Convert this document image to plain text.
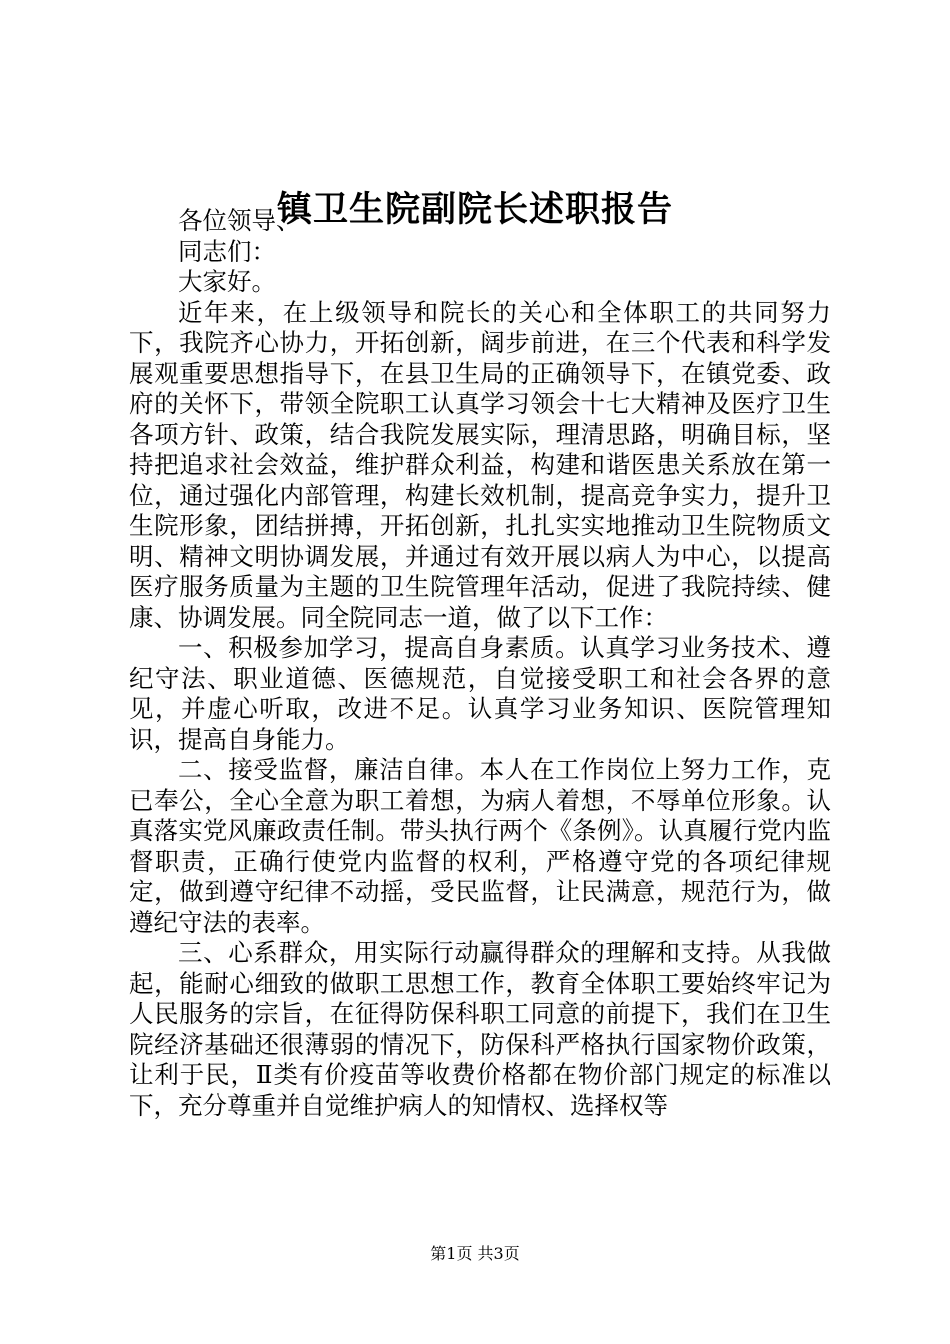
镇卫生院副院长述职报告

各位领导、

同志们：

大家好。

近年来，在上级领导和院长的关心和全体职工的共同努力下，我院齐心协力，开拓创新，阔步前进，在三个代表和科学发展观重要思想指导下，在县卫生局的正确领导下，在镇党委、政府的关怀下，带领全院职工认真学习领会十七大精神及医疗卫生各项方针、政策，结合我院发展实际，理清思路，明确目标，坚持把追求社会效益，维护群众利益，构建和谐医患关系放在第一位，通过强化内部管理，构建长效机制，提高竞争实力，提升卫生院形象，团结拼搏，开拓创新，扎扎实实地推动卫生院物质文明、精神文明协调发展，并通过有效开展以病人为中心，以提高医疗服务质量为主题的卫生院管理年活动，促进了我院持续、健康、协调发展。同全院同志一道，做了以下工作：

一、积极参加学习，提高自身素质。认真学习业务技术、遵纪守法、职业道德、医德规范，自觉接受职工和社会各界的意见，并虚心听取，改进不足。认真学习业务知识、医院管理知识，提高自身能力。

二、接受监督，廉洁自律。本人在工作岗位上努力工作，克已奉公，全心全意为职工着想，为病人着想，不辱单位形象。认真落实党风廉政责任制。带头执行两个《条例》。认真履行党内监督职责，正确行使党内监督的权利，严格遵守党的各项纪律规定，做到遵守纪律不动摇，受民监督，让民满意，规范行为，做遵纪守法的表率。

三、心系群众，用实际行动赢得群众的理解和支持。从我做起，能耐心细致的做职工思想工作，教育全体职工要始终牢记为人民服务的宗旨，在征得防保科职工同意的前提下，我们在卫生院经济基础还很薄弱的情况下，防保科严格执行国家物价政策，让利于民，Ⅱ类有价疫苗等收费价格都在物价部门规定的标准以下，充分尊重并自觉维护病人的知情权、选择权等

第1页 共3页
